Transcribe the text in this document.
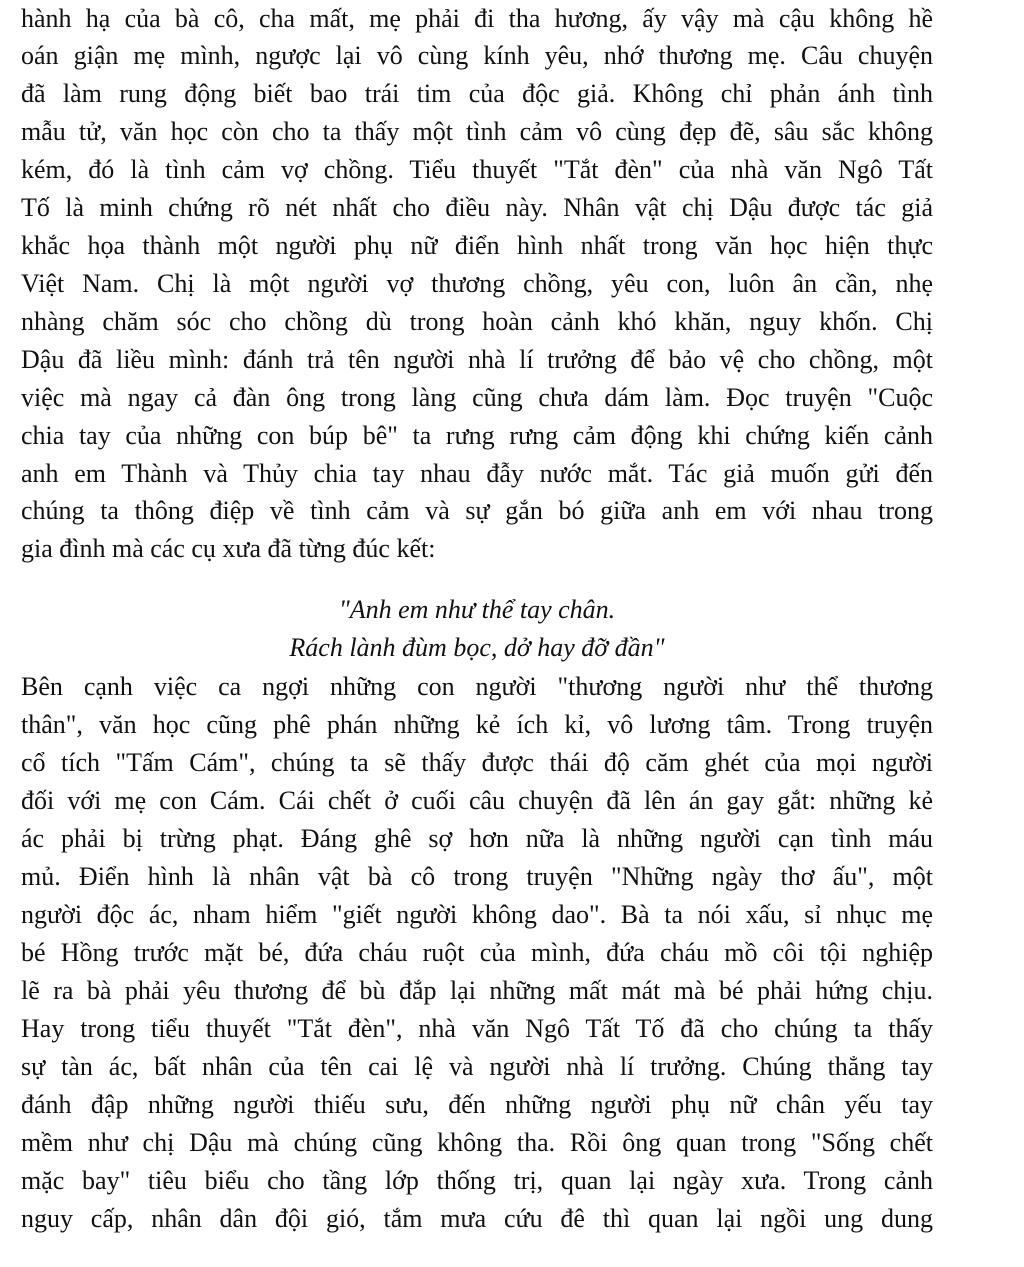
hành hạ của bà cô, cha mất, mẹ phải đi tha hương, ấy vậy mà cậu không hề
oán giận mẹ mình, ngược lại vô cùng kính yêu, nhớ thương mẹ. Câu chuyện
đã làm rung động biết bao trái tim của độc giả. Không chỉ phản ánh tình
mẫu tử, văn học còn cho ta thấy một tình cảm vô cùng đẹp đẽ, sâu sắc không
kém, đó là tình cảm vợ chồng. Tiểu thuyết "Tắt đèn" của nhà văn Ngô Tất
Tố là minh chứng rõ nét nhất cho điều này. Nhân vật chị Dậu được tác giả
khắc họa thành một người phụ nữ điển hình nhất trong văn học hiện thực
Việt Nam. Chị là một người vợ thương chồng, yêu con, luôn ân cần, nhẹ
nhàng chăm sóc cho chồng dù trong hoàn cảnh khó khăn, nguy khốn. Chị
Dậu đã liều mình: đánh trả tên người nhà lí trưởng để bảo vệ cho chồng, một
việc mà ngay cả đàn ông trong làng cũng chưa dám làm. Đọc truyện "Cuộc
chia tay của những con búp bê" ta rưng rưng cảm động khi chứng kiến cảnh
anh em Thành và Thủy chia tay nhau đẫy nước mắt. Tác giả muốn gửi đến
chúng ta thông điệp về tình cảm và sự gắn bó giữa anh em với nhau trong
gia đình mà các cụ xưa đã từng đúc kết:
"Anh em như thể tay chân.
Rách lành đùm bọc, dở hay đỡ đần"
Bên cạnh việc ca ngợi những con người "thương người như thể thương
thân", văn học cũng phê phán những kẻ ích kỉ, vô lương tâm. Trong truyện
cổ tích "Tấm Cám", chúng ta sẽ thấy được thái độ căm ghét của mọi người
đối với mẹ con Cám. Cái chết ở cuối câu chuyện đã lên án gay gắt: những kẻ
ác phải bị trừng phạt. Đáng ghê sợ hơn nữa là những người cạn tình máu
mủ. Điển hình là nhân vật bà cô trong truyện "Những ngày thơ ấu", một
người độc ác, nham hiểm "giết người không dao". Bà ta nói xấu, sỉ nhục mẹ
bé Hồng trước mặt bé, đứa cháu ruột của mình, đứa cháu mồ côi tội nghiệp
lẽ ra bà phải yêu thương để bù đắp lại những mất mát mà bé phải hứng chịu.
Hay trong tiểu thuyết "Tắt đèn", nhà văn Ngô Tất Tố đã cho chúng ta thấy
sự tàn ác, bất nhân của tên cai lệ và người nhà lí trưởng. Chúng thẳng tay
đánh đập những người thiếu sưu, đến những người phụ nữ chân yếu tay
mềm như chị Dậu mà chúng cũng không tha. Rồi ông quan trong "Sống chết
mặc bay" tiêu biểu cho tầng lớp thống trị, quan lại ngày xưa. Trong cảnh
nguy cấp, nhân dân đội gió, tắm mưa cứu đê thì quan lại ngồi ung dung
